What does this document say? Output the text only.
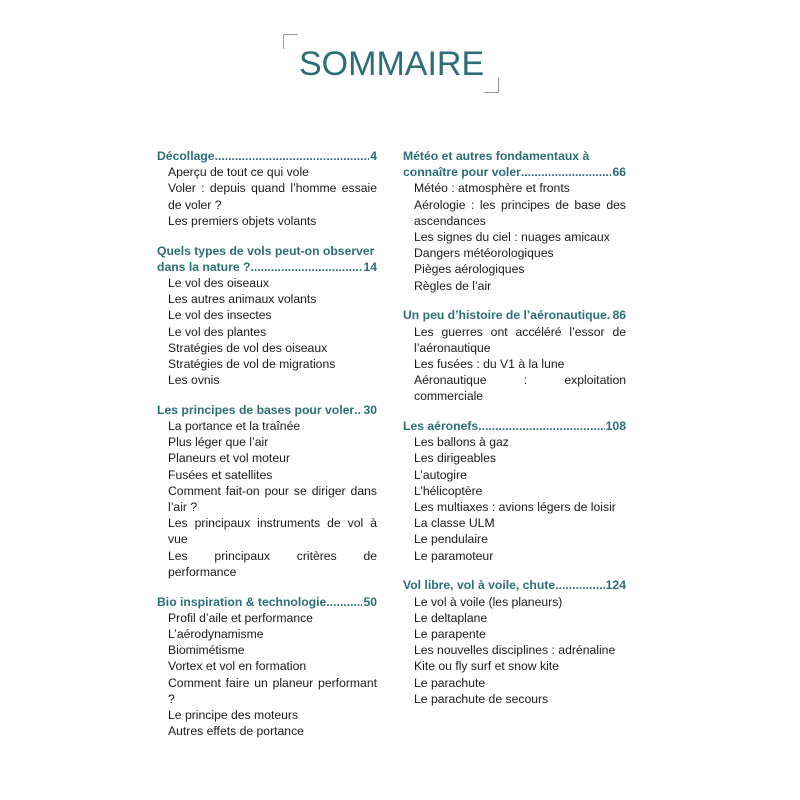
SOMMAIRE
Décollage .....	4
Aperçu de tout ce qui vole
Voler : depuis quand l’homme essaie de voler ?
Les premiers objets volants
Quels types de vols peut-on observer
dans la nature ? .....	14
Le vol des oiseaux
Les autres animaux volants
Le vol des insectes
Le vol des plantes
Stratégies de vol des oiseaux
Stratégies de vol de migrations
Les ovnis
Les principes de bases pour voler ..... 30
La portance et la traînée
Plus léger que l’air
Planeurs et vol moteur
Fusées et satellites
Comment fait-on pour se diriger dans l’air ?
Les principaux instruments de vol à vue
Les principaux critères de performance
Bio inspiration & technologie .....	50
Profil d’aile et performance
L’aérodynamisme
Biomimétisme
Vortex et vol en formation
Comment faire un planeur performant ?
Le principe des moteurs
Autres effets de portance
Météo et autres fondamentaux à
connaître pour voler .....	66
Météo : atmosphère et fronts
Aérologie : les principes de base des ascendances
Les signes du ciel : nuages amicaux
Dangers météorologiques
Pièges aérologiques
Règles de l’air
Un peu d’histoire de l’aéronautique ..... 86
Les guerres ont accéléré l’essor de l’aéronautique
Les fusées : du V1 à la lune
Aéronautique : exploitation commerciale
Les aéronefs .....	108
Les ballons à gaz
Les dirigeables
L’autogire
L’hélicoptère
Les multiaxes : avions légers de loisir
La classe ULM
Le pendulaire
Le paramoteur
Vol libre, vol à voile, chute .....	124
Le vol à voile (les planeurs)
Le deltaplane
Le parapente
Les nouvelles disciplines : adrénaline
Kite ou fly surf et snow kite
Le parachute
Le parachute de secours
